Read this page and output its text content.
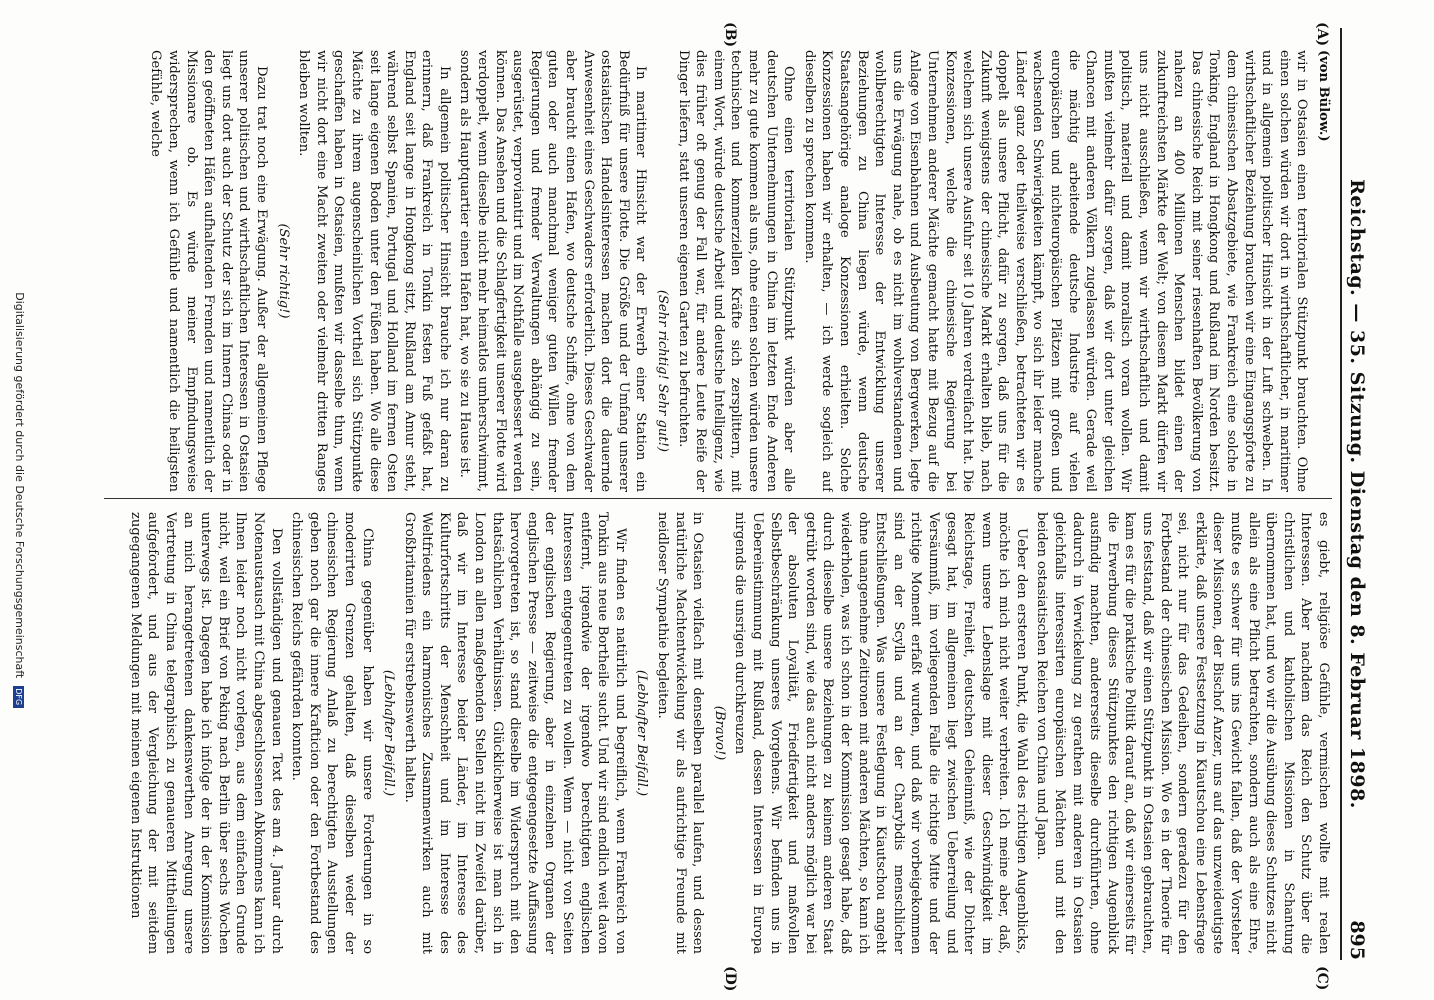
Reichstag. — 35. Sitzung. Dienstag den 8. Februar 1898.
895
(A)
(B)
(C)
(D)
(von Bülow.)

wir in Ostasien einen territorialen Stützpunkt brauchten. Ohne einen solchen würden wir dort in wirthschaftlicher, in maritimer und in allgemein politischer Hinsicht in der Luft schweben. In wirthschaftlicher Beziehung brauchen wir eine Eingangspforte zu dem chinesischen Absatzgebiete, wie Frankreich eine solche in Tonking, England in Hongkong und Rußland im Norden besitzt. Das chinesische Reich mit seiner riesenhaften Bevölkerung von nahezu an 400 Millionen Menschen bildet einen der zukunftreichsten Märkte der Welt; von diesem Markt dürfen wir uns nicht ausschließen, wenn wir wirthschaftlich und damit politisch, materiell und damit moralisch voran wollen. Wir mußten vielmehr dafür sorgen, daß wir dort unter gleichen Chancen mit anderen Völkern zugelassen würden. Gerade weil die mächtig arbeitende deutsche Industrie auf vielen europäischen und nichteuropäischen Plätzen mit großen und wachsenden Schwierigkeiten kämpft, wo sich ihr leider manche Länder ganz oder theilweise verschließen, betrachteten wir es doppelt als unsere Pflicht, dafür zu sorgen, daß uns für die Zukunft wenigstens der chinesische Markt erhalten blieb, nach welchem sich unsere Ausfuhr seit 10 Jahren verdreifacht hat. Die Konzessionen, welche die chinesische Regierung bei Unternehmen anderer Mächte gemacht hatte mit Bezug auf die Anlage von Eisenbahnen und Ausbeutung von Bergwerken, legte uns die Erwägung nahe, ob es nicht im wohlverstandenen und wohlberechtigten Interesse der Entwicklung unserer Beziehungen zu China liegen würde, wenn deutsche Staatsangehörige analoge Konzessionen erhielten. Solche Konzessionen haben wir erhalten, — ich werde sogleich auf dieselben zu sprechen kommen.

Ohne einen territorialen Stützpunkt würden aber alle deutschen Unternehmungen in China im letzten Ende Anderen mehr zu gute kommen als uns, ohne einen solchen würden unsere technischen und kommerziellen Kräfte sich zersplittern, mit einem Wort, würde deutsche Arbeit und deutsche Intelligenz, wie dies früher oft genug der Fall war, für andere Leute Reife der Dinger liefern, statt unseren eigenen Garten zu befruchten.

(Sehr richtig! Sehr gut!)

In maritimer Hinsicht war der Erwerb einer Station ein Bedürfniß für unsere Flotte. Die Größe und der Umfang unserer ostasiatischen Handelsinteressen machen dort die dauernde Anwesenheit eines Geschwaders erforderlich. Dieses Geschwader aber braucht einen Hafen, wo deutsche Schiffe, ohne von dem guten oder auch manchmal weniger guten Willen fremder Regierungen und fremder Verwaltungen abhängig zu sein, ausgerüstet, verproviantirt und im Nothfalle ausgebessert werden können. Das Ansehen und die Schlagfertigkeit unserer Flotte wird verdoppelt, wenn dieselbe nicht mehr heimatlos umherschwimmt, sondern als Hauptquartier einen Hafen hat, wo sie zu Hause ist.

In allgemein politischer Hinsicht brauche ich nur daran zu erinnern, daß Frankreich in Tonkin festen Fuß gefaßt hat, England seit lange in Hongkong sitzt, Rußland am Amur steht, während selbst Spanien, Portugal und Holland im fernen Osten seit lange eigenen Boden unter den Füßen haben. Wo alle diese Mächte zu ihrem augenscheinlichen Vortheil sich Stützpunkte geschaffen haben in Ostasien, mußten wir dasselbe thun, wenn wir nicht dort eine Macht zweiten oder vielmehr dritten Ranges bleiben wollten.

(Sehr richtig!)

Dazu trat noch eine Erwägung. Außer der allgemeinen Pflege unserer politischen und wirthschaftlichen Interessen in Ostasien liegt uns dort auch der Schutz der sich im Innern Chinas oder in den geöffneten Häfen aufhaltenden Fremden und namentlich der Missionare ob. Es würde meiner Empfindungsweise widersprechen, wenn ich Gefühle und namentlich die heiligsten Gefühle, welche

es giebt, religiöse Gefühle, vermischen wollte mit realen Interessen. Aber nachdem das Reich den Schutz über die christlichen und katholischen Missionen in Schantung übernommen hat, und wo wir die Ausübung dieses Schutzes nicht allein als eine Pflicht betrachten, sondern auch als eine Ehre, mußte es schwer für uns ins Gewicht fallen, daß der Vorsteher dieser Missionen, der Bischof Anzer, uns auf das unzweideutigste erklärte, daß unsere Festsetzung in Kiautschou eine Lebensfrage sei, nicht nur für das Gedeihen, sondern geradezu für den Fortbestand der chinesischen Mission. Wo es in der Theorie für uns feststand, daß wir einen Stützpunkt in Ostasien gebrauchten, kam es für die praktische Politik darauf an, daß wir einerseits für die Erwerbung dieses Stützpunktes den richtigen Augenblick ausfindig machten, andererseits dieselbe durchführten, ohne dadurch in Verwickelung zu gerathen mit anderen in Ostasien gleichfalls interessirten europäischen Mächten und mit den beiden ostasiatischen Reichen von China und Japan.

Ueber den ersteren Punkt, die Wahl des richtigen Augenblicks, möchte ich mich nicht weiter verbreiten. Ich meine aber, daß, wenn unsere Lebenslage mit dieser Geschwindigkeit im Reichstage, Freiheit, deutschen Geheimniß, wie der Dichter gesagt hat, im allgemeinen liegt zwischen Ueberreilung und Versäumniß, im vorliegenden Falle die richtige Mitte und der richtige Moment erfaßt wurden, und daß wir vorbeigekommen sind an der Scylla und an der Charybdis menschlicher Entschließungen. Was unsere Festlegung in Kiautschou angeht ohne unangenehme Zeitironen mit anderen Mächten, so kann ich wiederholen, was ich schon in der Kommission gesagt habe, daß durch dieselbe unsere Beziehungen zu keinem anderen Staat getrübt worden sind, wie das auch nicht anders möglich war bei der absoluten Loyalität, Friedfertigkeit und maßvollen Selbstbeschränkung unseres Vorgehens. Wir befinden uns in Uebereinstimmung mit Rußland, dessen Interessen in Europa nirgends die unsrigen durchkreuzen

(Bravo!)

in Ostasien vielfach mit denselben parallel laufen, und dessen natürliche Machtentwickelung wir als aufrichtige Freunde mit neidloser Sympathie begleiten.

(Lebhafter Beifall.)

Wir finden es natürlich und begreiflich, wenn Frankreich von Tonkin aus neue Bortheile sucht. Und wir sind endlich weit davon entfernt, irgendwie der irgendwo berechtigten englischen Interessen entgegentreten zu wollen. Wenn — nicht von Seiten der englischen Regierung, aber in einzelnen Organen der englischen Presse — zeitweise die entgegengesetzte Auffassung hervorgetreten ist, so stand dieselbe im Widerspruch mit den thatsächlichen Verhältnissen. Glücklicherweise ist man sich in London an allen maßgebenden Stellen nicht im Zweifel darüber, daß wir im Interesse beider Länder, im Interesse des Kulturfortschritts der Menschheit und im Interesse des Weltfriedens ein harmonisches Zusammenwirken auch mit Großbritannien für erstrebenswerth halten.

(Lebhafter Beifall.)

China gegenüber haben wir unsere Forderungen in so moderirten Grenzen gehalten, daß dieselben weder der chinesischen Regierung Anlaß zu berechtigten Ausstellungen geben noch gar die innere Krafticion oder den Fortbestand des chinesischen Reichs gefährden konnten.

Den vollständigen und genauen Text des am 4. Januar durch Notenaustausch mit China abgeschlossenen Abkommens kann ich Ihnen leider noch nicht vorlegen, aus dem einfachen Grunde nicht, weil ein Brief von Peking nach Berlin über sechs Wochen unterwegs ist. Dagegen habe ich infolge der in der Kommission an mich herangetretenen dankenswerthen Anregung unsere Vertretung in China telegraphisch zu genaueren Mittheilungen aufgefordert, und aus der Vergleichung der mit seitdem zugegangenen Meldungen mit meinen eigenen Instruktionen

Digitalisierung gefördert durch die Deutsche Forschungsgemeinschaft DFG
